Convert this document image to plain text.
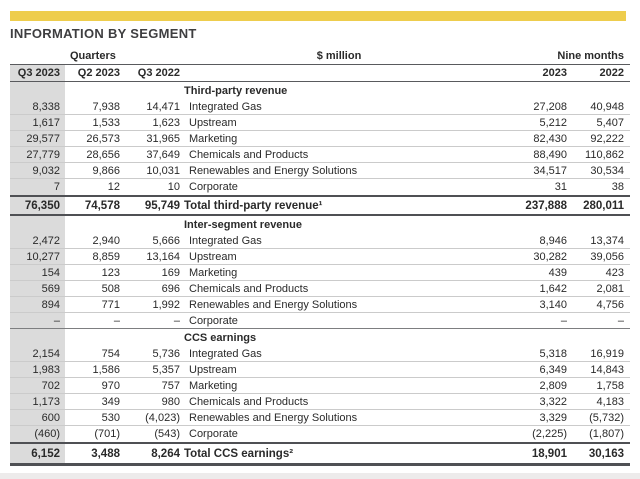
INFORMATION BY SEGMENT
Quarters	$ million	Nine months
Q3 2023	Q2 2023	Q3 2022	2023	2022
Third-party revenue
8,338	7,938	14,471 Integrated Gas	27,208	40,948
1,617	1,533	1,623 Upstream	5,212	5,407
29,577	26,573	31,965 Marketing	82,430	92,222
27,779	28,656	37,649 Chemicals and Products	88,490	110,862
9,032	9,866	10,031 Renewables and Energy Solutions	34,517	30,534
7	12	10 Corporate	31	38
76,350	74,578	95,749 Total third-party revenue¹	237,888	280,011
Inter-segment revenue
2,472	2,940	5,666 Integrated Gas	8,946	13,374
10,277	8,859	13,164 Upstream	30,282	39,056
154	123	169 Marketing	439	423
569	508	696 Chemicals and Products	1,642	2,081
894	771	1,992 Renewables and Energy Solutions	3,140	4,756
–	–	– Corporate	–	–
CCS earnings
2,154	754	5,736 Integrated Gas	5,318	16,919
1,983	1,586	5,357 Upstream	6,349	14,843
702	970	757 Marketing	2,809	1,758
1,173	349	980 Chemicals and Products	3,322	4,183
600	530	(4,023) Renewables and Energy Solutions	3,329	(5,732)
(460)	(701)	(543) Corporate	(2,225)	(1,807)
6,152	3,488	8,264 Total CCS earnings²	18,901	30,163
